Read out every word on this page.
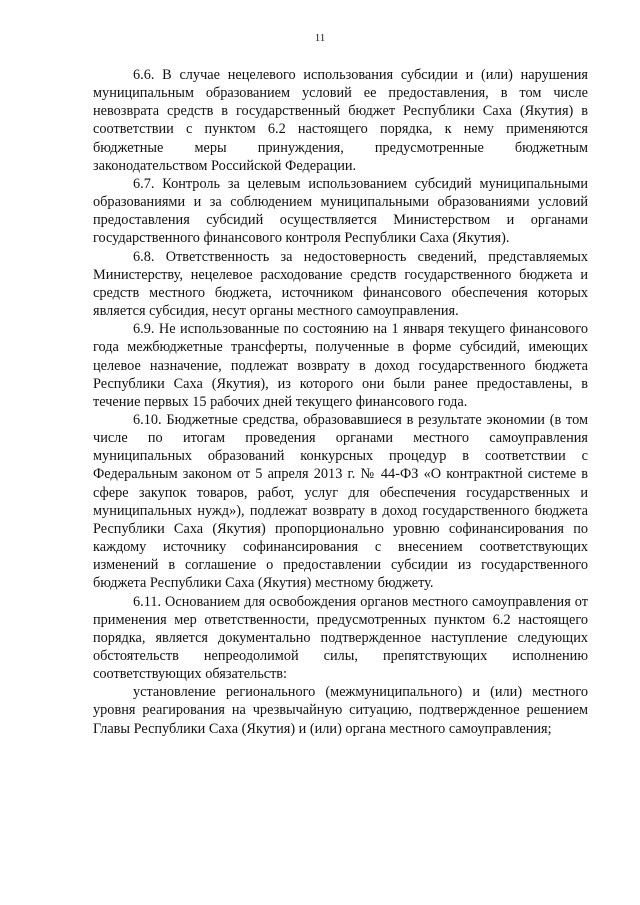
11

6.6. В случае нецелевого использования субсидии и (или) нарушения муниципальным образованием условий ее предоставления, в том числе невозврата средств в государственный бюджет Республики Саха (Якутия) в соответствии с пунктом 6.2 настоящего порядка, к нему применяются бюджетные меры принуждения, предусмотренные бюджетным законодательством Российской Федерации.

6.7. Контроль за целевым использованием субсидий муниципальными образованиями и за соблюдением муниципальными образованиями условий предоставления субсидий осуществляется Министерством и органами государственного финансового контроля Республики Саха (Якутия).

6.8. Ответственность за недостоверность сведений, представляемых Министерству, нецелевое расходование средств государственного бюджета и средств местного бюджета, источником финансового обеспечения которых является субсидия, несут органы местного самоуправления.

6.9. Не использованные по состоянию на 1 января текущего финансового года межбюджетные трансферты, полученные в форме субсидий, имеющих целевое назначение, подлежат возврату в доход государственного бюджета Республики Саха (Якутия), из которого они были ранее предоставлены, в течение первых 15 рабочих дней текущего финансового года.

6.10. Бюджетные средства, образовавшиеся в результате экономии (в том числе по итогам проведения органами местного самоуправления муниципальных образований конкурсных процедур в соответствии с Федеральным законом от 5 апреля 2013 г. № 44-ФЗ «О контрактной системе в сфере закупок товаров, работ, услуг для обеспечения государственных и муниципальных нужд»), подлежат возврату в доход государственного бюджета Республики Саха (Якутия) пропорционально уровню софинансирования по каждому источнику софинансирования с внесением соответствующих изменений в соглашение о предоставлении субсидии из государственного бюджета Республики Саха (Якутия) местному бюджету.

6.11. Основанием для освобождения органов местного самоуправления от применения мер ответственности, предусмотренных пунктом 6.2 настоящего порядка, является документально подтвержденное наступление следующих обстоятельств непреодолимой силы, препятствующих исполнению соответствующих обязательств:

установление регионального (межмуниципального) и (или) местного уровня реагирования на чрезвычайную ситуацию, подтвержденное решением Главы Республики Саха (Якутия) и (или) органа местного самоуправления;
